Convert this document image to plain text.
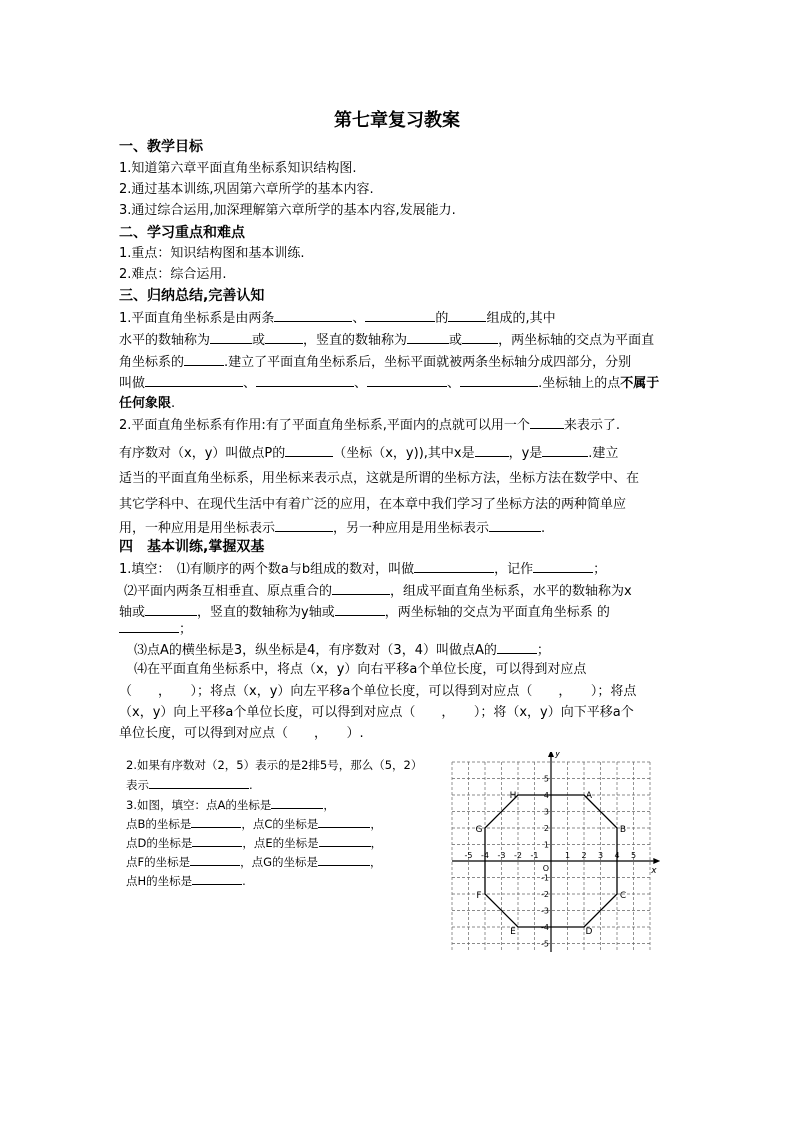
第七章复习教案
一、教学目标
1.知道第六章平面直角坐标系知识结构图.
2.通过基本训练,巩固第六章所学的基本内容.
3.通过综合运用,加深理解第六章所学的基本内容,发展能力.
二、学习重点和难点
1.重点：知识结构图和基本训练.
2.难点：综合运用.
三、归纳总结,完善认知
1.平面直角坐标系是由两条	、	的	组成的,其中
水平的数轴称为	或	，竖直的数轴称为	或	，两坐标轴的交点为平面直
角坐标系的	.建立了平面直角坐标系后，坐标平面就被两条坐标轴分成四部分，分别
叫做	、	、	、	.坐标轴上的点不属于
任何象限.
2.平面直角坐标系有作用:有了平面直角坐标系,平面内的点就可以用一个	来表示了.
有序数对（x，y）叫做点P的	（坐标（x，y)),其中x是	，y是	.建立
适当的平面直角坐标系，用坐标来表示点，这就是所谓的坐标方法，坐标方法在数学中、在
其它学科中、在现代生活中有着广泛的应用，在本章中我们学习了坐标方法的两种简单应
用，一种应用是用坐标表示	，另一种应用是用坐标表示	.
四　基本训练,掌握双基
1.填空：　⑴有顺序的两个数a与b组成的数对，叫做	，记作	；
⑵平面内两条互相垂直、原点重合的	，组成平面直角坐标系，水平的数轴称为x
轴或	，竖直的数轴称为y轴或	，两坐标轴的交点为平面直角坐标系 的
；
⑶点A的横坐标是3，纵坐标是4，有序数对（3，4）叫做点A的	；
⑷在平面直角坐标系中，将点（x，y）向右平移a个单位长度，可以得到对应点
（　　，　　）；将点（x，y）向左平移a个单位长度，可以得到对应点（　　，　　）；将点
（x，y）向上平移a个单位长度，可以得到对应点（　　，　　）；将（x，y）向下平移a个
单位长度，可以得到对应点（　　，　　）.
2.如果有序数对（2，5）表示的是2排5号，那么（5，2）
表示	.
3.如图，填空：点A的坐标是	，
点B的坐标是	，点C的坐标是	，
点D的坐标是	，点E的坐标是	，
点F的坐标是	，点G的坐标是	，
点H的坐标是	.
x
y
-5 -4 -3 -2 -1	1 2 3 4 5
5
4
3
2
1
-1
-2
-3
-4
-5
O
A
B
C
D
E
F
G
H
